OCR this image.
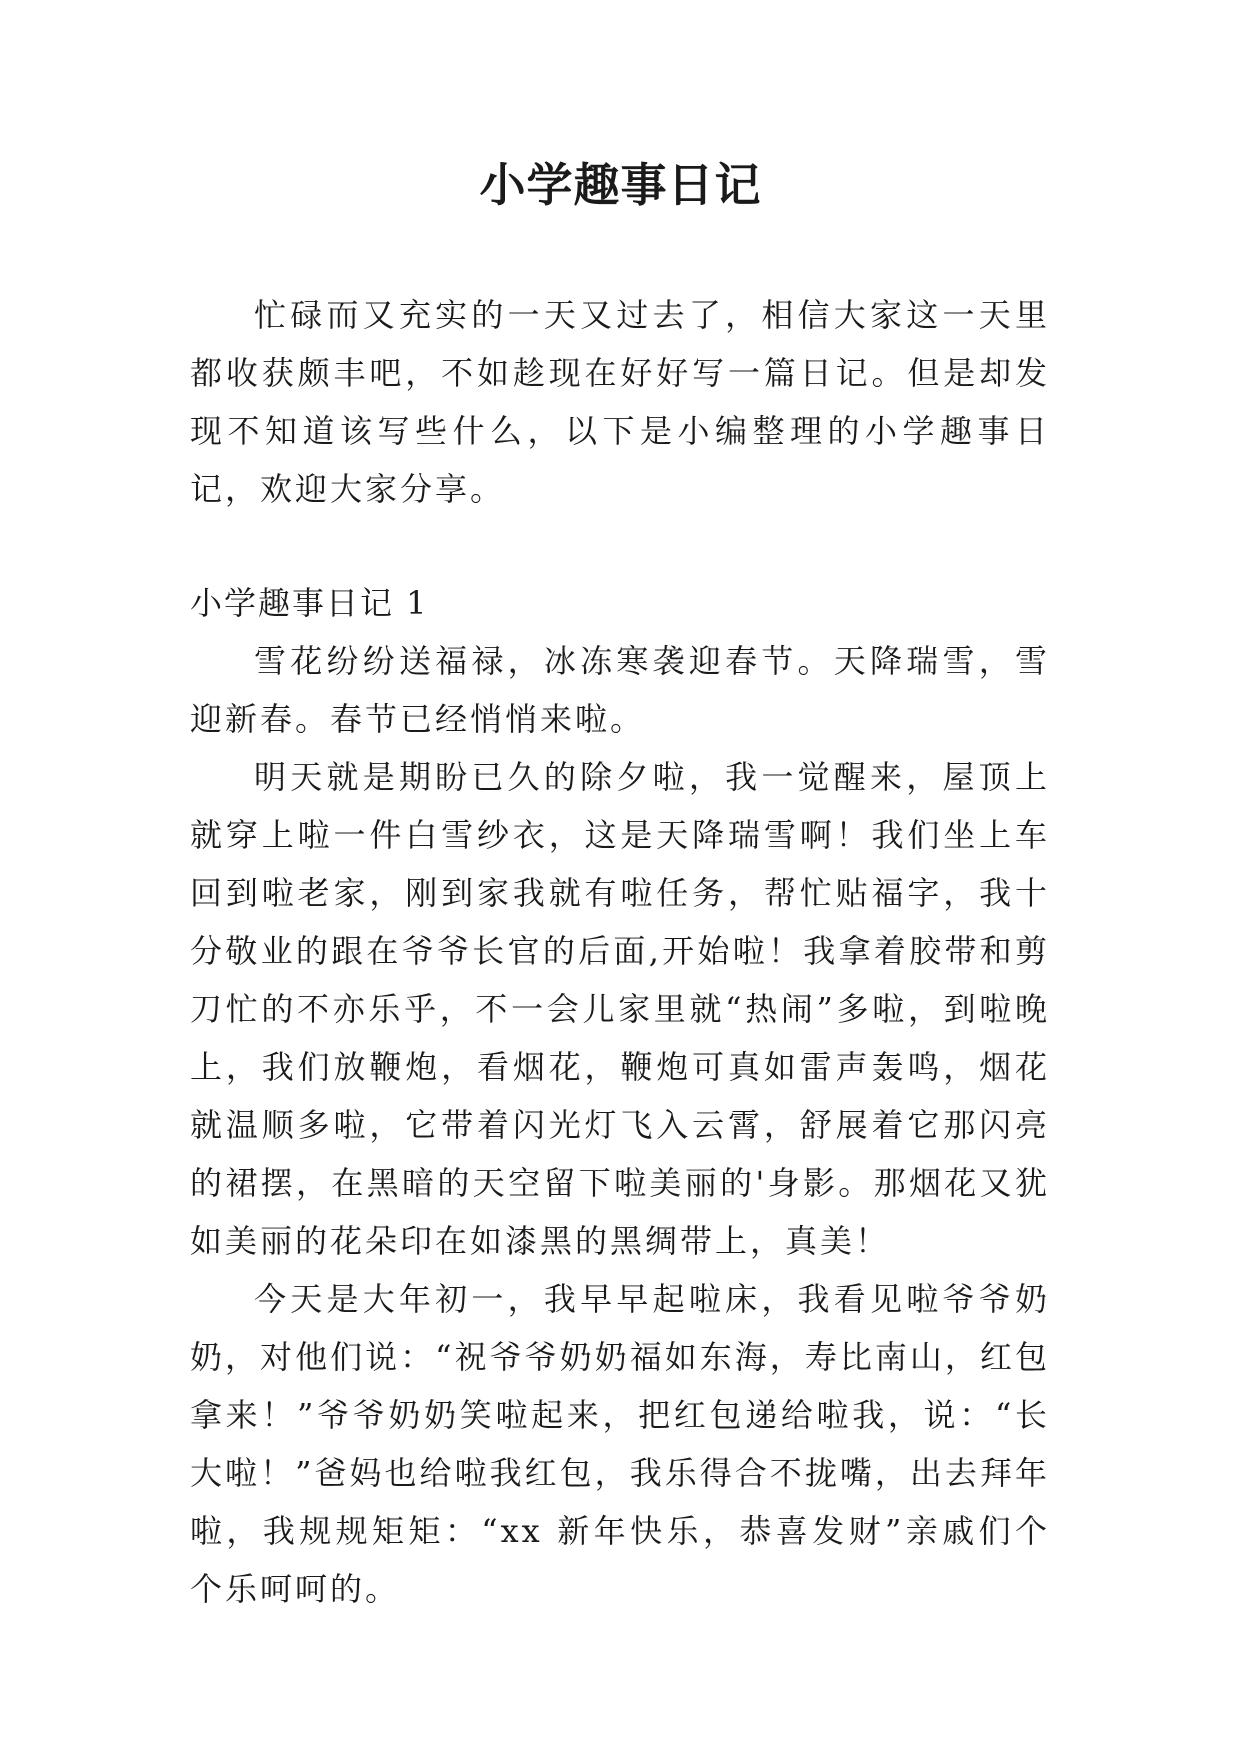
小学趣事日记

忙碌而又充实的一天又过去了，相信大家这一天里都收获颇丰吧，不如趁现在好好写一篇日记。但是却发现不知道该写些什么，以下是小编整理的小学趣事日记，欢迎大家分享。

小学趣事日记 1

雪花纷纷送福禄，冰冻寒袭迎春节。天降瑞雪，雪迎新春。春节已经悄悄来啦。

明天就是期盼已久的除夕啦，我一觉醒来，屋顶上就穿上啦一件白雪纱衣，这是天降瑞雪啊！我们坐上车回到啦老家，刚到家我就有啦任务，帮忙贴福字，我十分敬业的跟在爷爷长官的后面,开始啦！我拿着胶带和剪刀忙的不亦乐乎，不一会儿家里就“热闹”多啦，到啦晚上，我们放鞭炮，看烟花，鞭炮可真如雷声轰鸣，烟花就温顺多啦，它带着闪光灯飞入云霄，舒展着它那闪亮的裙摆，在黑暗的天空留下啦美丽的'身影。那烟花又犹如美丽的花朵印在如漆黑的黑绸带上，真美！

今天是大年初一，我早早起啦床，我看见啦爷爷奶奶，对他们说：“祝爷爷奶奶福如东海，寿比南山，红包拿来！”爷爷奶奶笑啦起来，把红包递给啦我，说：“长大啦！”爸妈也给啦我红包，我乐得合不拢嘴，出去拜年啦，我规规矩矩：“xx 新年快乐，恭喜发财”亲戚们个个乐呵呵的。
